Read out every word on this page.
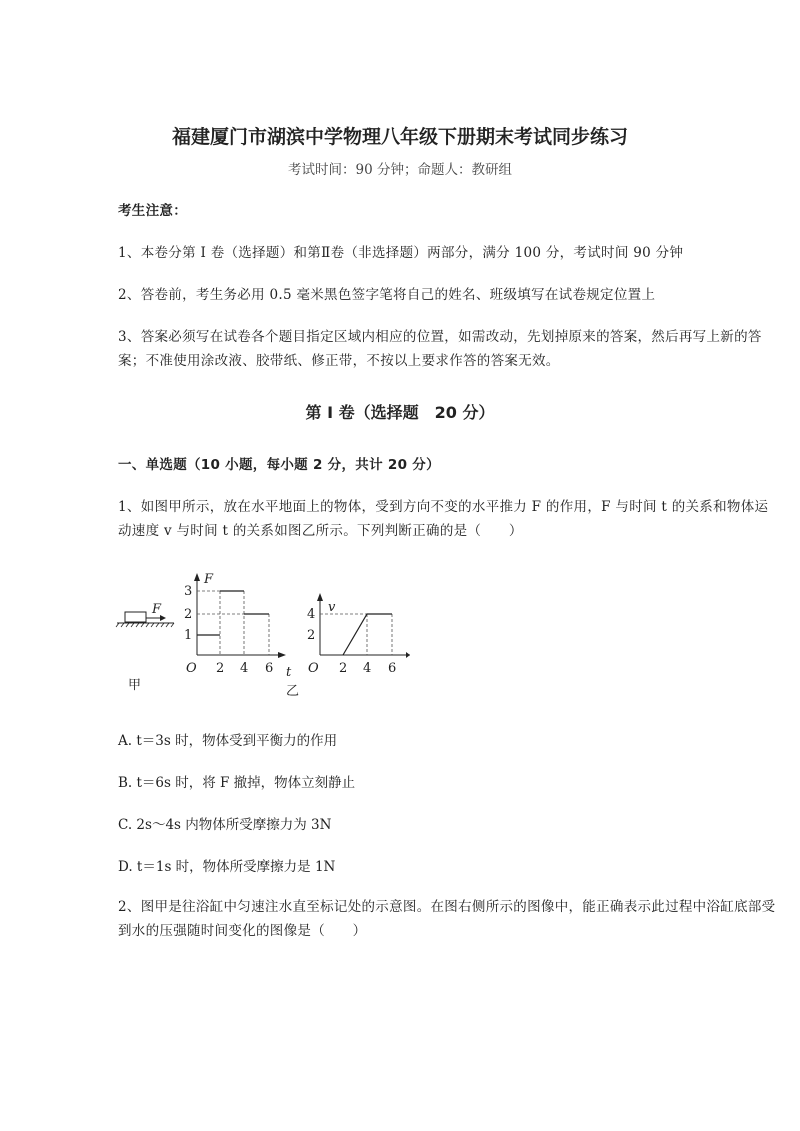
福建厦门市湖滨中学物理八年级下册期末考试同步练习
考试时间：90 分钟；命题人：教研组
考生注意：
1、本卷分第 I 卷（选择题）和第Ⅱ卷（非选择题）两部分，满分 100 分，考试时间 90 分钟
2、答卷前，考生务必用 0.5 毫米黑色签字笔将自己的姓名、班级填写在试卷规定位置上
3、答案必须写在试卷各个题目指定区域内相应的位置，如需改动，先划掉原来的答案，然后再写上新的答案；不准使用涂改液、胶带纸、修正带，不按以上要求作答的答案无效。
第 I 卷（选择题　20 分）
一、单选题（10 小题，每小题 2 分，共计 20 分）
1、如图甲所示，放在水平地面上的物体，受到方向不变的水平推力 F 的作用，F 与时间 t 的关系和物体运动速度 v 与时间 t 的关系如图乙所示。下列判断正确的是（　　）
F
甲
1
2
3
F
O 2 4 6 t
乙
4
2
v
O 2 4 6
A. t＝3s 时，物体受到平衡力的作用
B. t＝6s 时，将 F 撤掉，物体立刻静止
C. 2s～4s 内物体所受摩擦力为 3N
D. t＝1s 时，物体所受摩擦力是 1N
2、图甲是往浴缸中匀速注水直至标记处的示意图。在图右侧所示的图像中，能正确表示此过程中浴缸底部受到水的压强随时间变化的图像是（　　）
